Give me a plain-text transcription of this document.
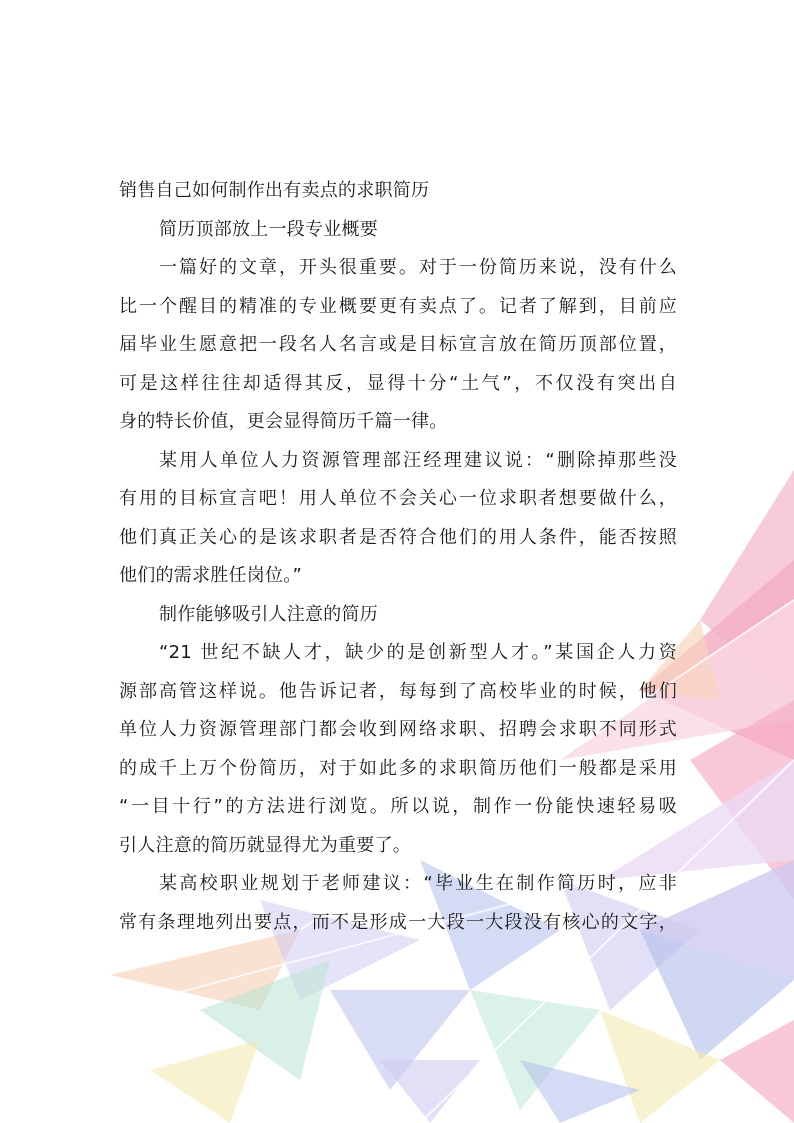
销售自己如何制作出有卖点的求职简历
简历顶部放上一段专业概要
一篇好的文章，开头很重要。对于一份简历来说，没有什么
比一个醒目的精准的专业概要更有卖点了。记者了解到，目前应
届毕业生愿意把一段名人名言或是目标宣言放在简历顶部位置，
可是这样往往却适得其反，显得十分“土气”，不仅没有突出自
身的特长价值，更会显得简历千篇一律。
某用人单位人力资源管理部汪经理建议说：“删除掉那些没
有用的目标宣言吧！用人单位不会关心一位求职者想要做什么，
他们真正关心的是该求职者是否符合他们的用人条件，能否按照
他们的需求胜任岗位。”
制作能够吸引人注意的简历
“21 世纪不缺人才，缺少的是创新型人才。”某国企人力资
源部高管这样说。他告诉记者，每每到了高校毕业的时候，他们
单位人力资源管理部门都会收到网络求职、招聘会求职不同形式
的成千上万个份简历，对于如此多的求职简历他们一般都是采用
“一目十行”的方法进行浏览。所以说，制作一份能快速轻易吸
引人注意的简历就显得尤为重要了。
某高校职业规划于老师建议：“毕业生在制作简历时，应非
常有条理地列出要点，而不是形成一大段一大段没有核心的文字，
